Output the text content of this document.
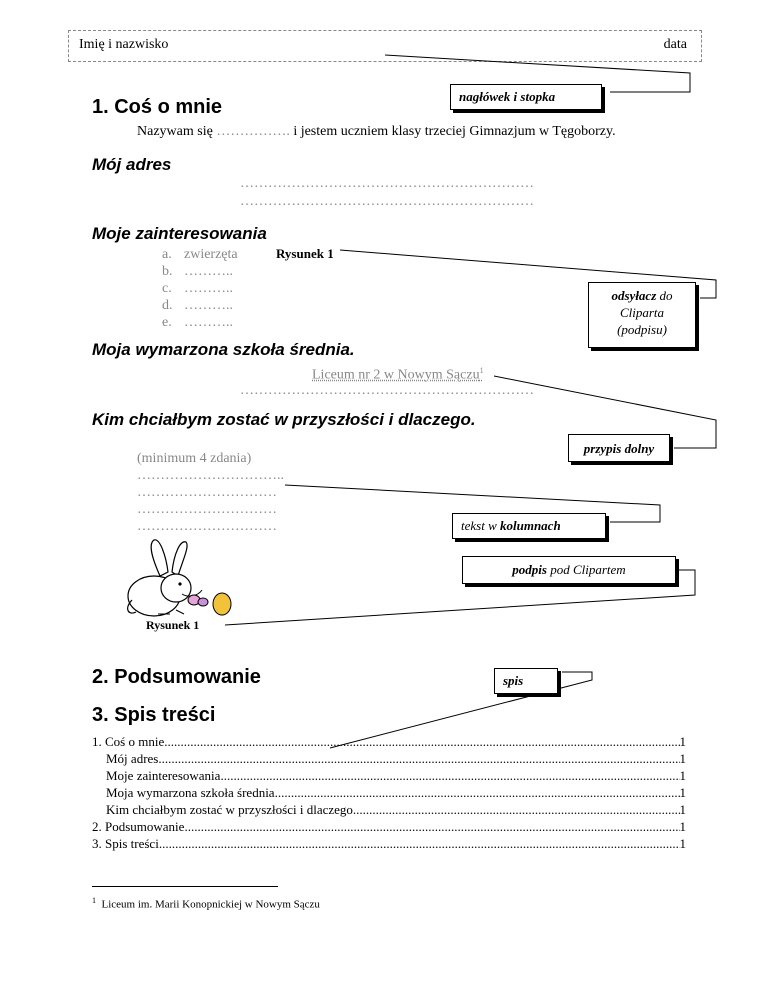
Imię i nazwisko	data
nagłówek i stopka
odsyłacz do
Cliparta
(podpisu)
przypis dolny
tekst w kolumnach
podpis pod Clipartem
spis
1. Coś o mnie
Nazywam się ……………. i jestem uczniem klasy trzeciej Gimnazjum w Tęgoborzy.
Mój adres
………………………………………………………
………………………………………………………
Moje zainteresowania
a. zwierzęta
b. ………..
c. ………..
d. ………..
e. ………..
Rysunek 1
Moja wymarzona szkoła średnia.
Liceum nr 2 w Nowym Sączu$^1$
………………………………………………………
Kim chciałbym zostać w przyszłości i dlaczego.
(minimum 4 zdania)
…………………………..
…………………………
…………………………
…………………………
Rysunek 1
2. Podsumowanie
3. Spis treści
1. Coś o mnie .....	1
Mój adres .....	1
Moje zainteresowania .....	1
Moja wymarzona szkoła średnia. .....	1
Kim chciałbym zostać w przyszłości i dlaczego. .....	1
2. Podsumowanie .....	1
3. Spis treści .....	1
$^1$ Liceum im. Marii Konopnickiej w Nowym Sączu
